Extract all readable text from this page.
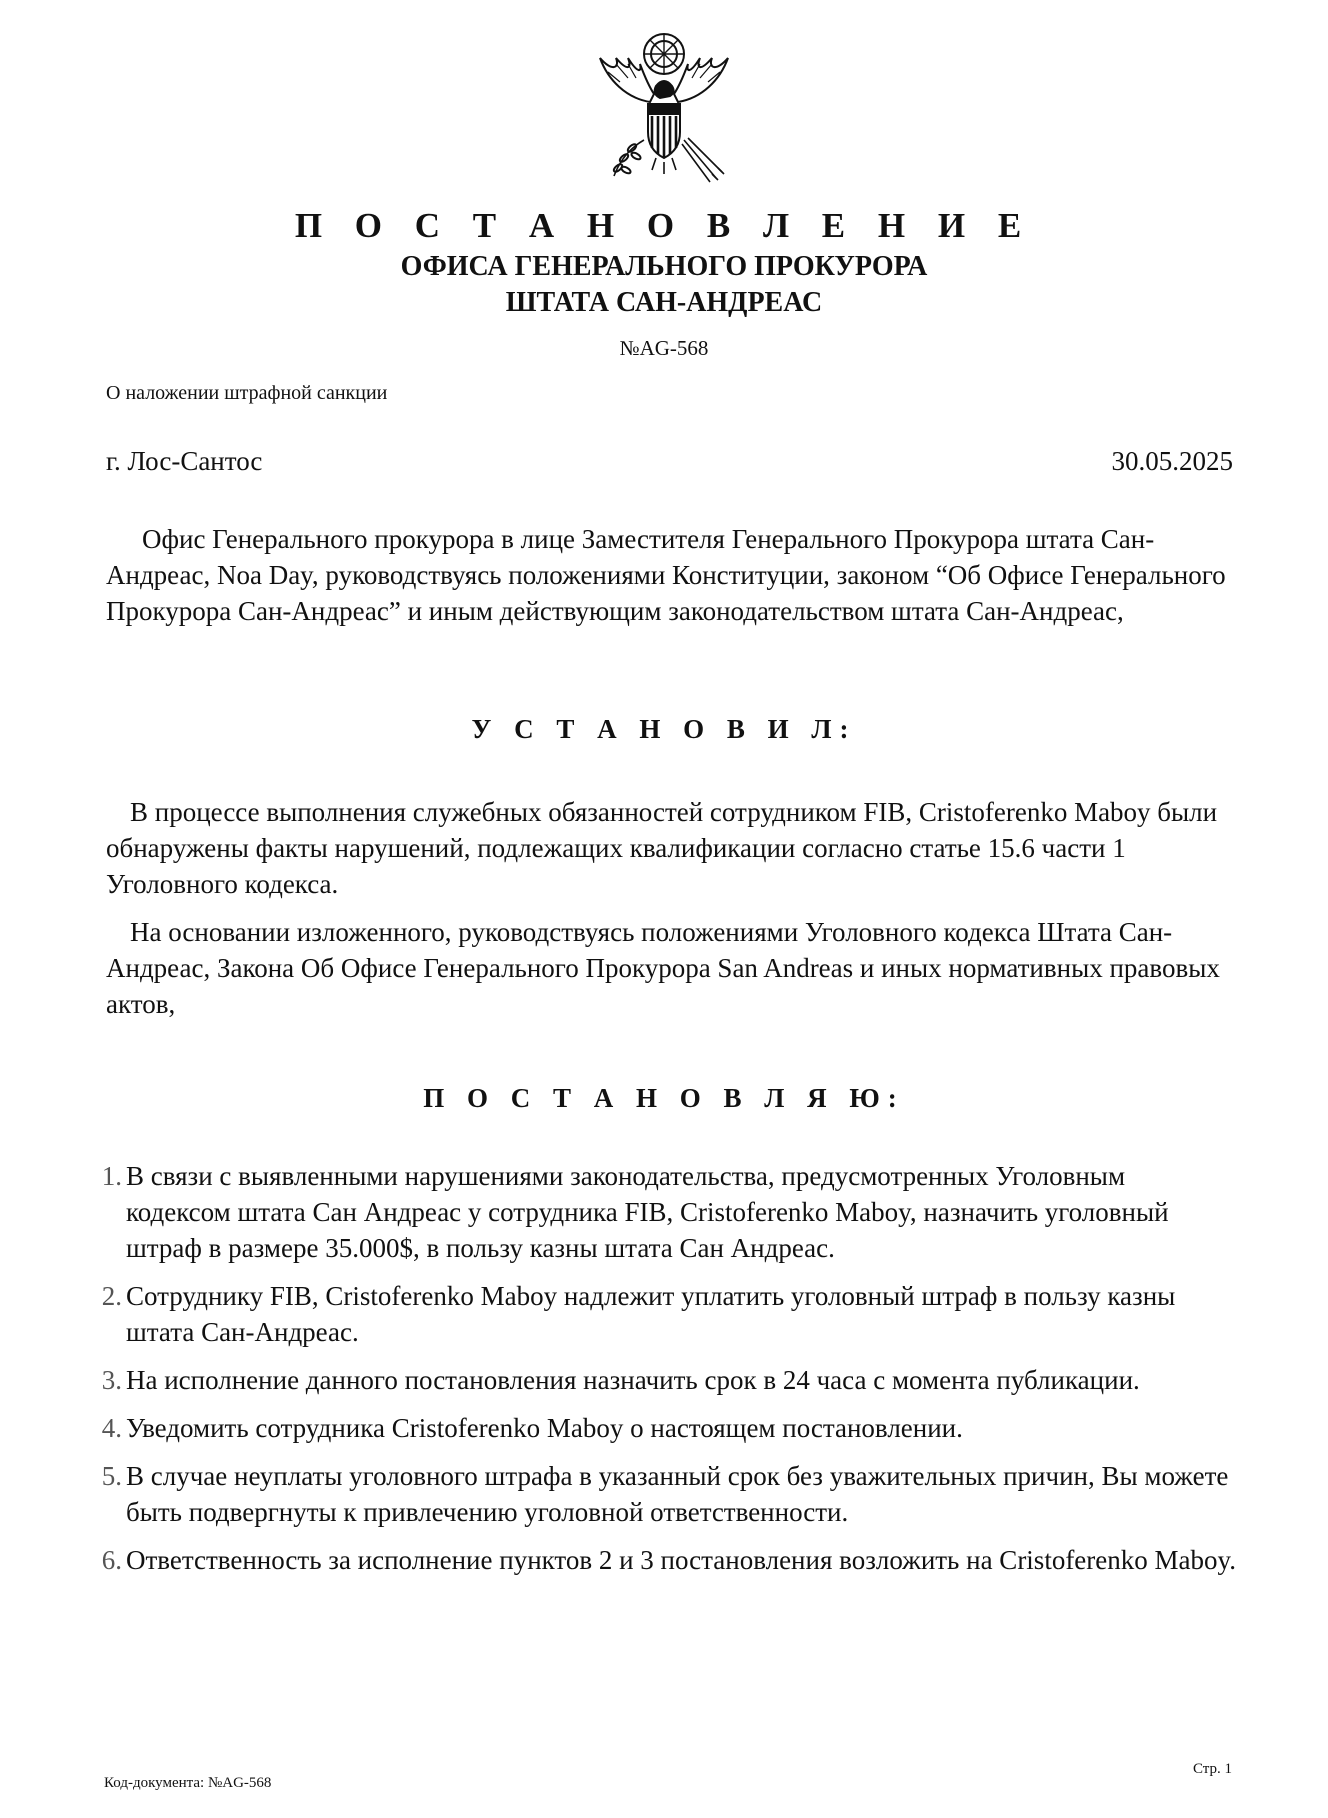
П О С Т А Н О В Л Е Н И Е
ОФИСА ГЕНЕРАЛЬНОГО ПРОКУРОРА
ШТАТА САН-АНДРЕАС
№AG-568
О наложении штрафной санкции
г. Лос-Сантос	30.05.2025

Офис Генерального прокурора в лице Заместителя Генерального Прокурора штата Сан-Андреас, Noa Day, руководствуясь положениями Конституции, законом “Об Офисе Генерального Прокурора Сан-Андреас” и иным действующим законодательством штата Сан-Андреас,

У С Т А Н О В И Л:

В процессе выполнения служебных обязанностей сотрудником FIB, Cristoferenko Maboy были обнаружены факты нарушений, подлежащих квалификации согласно статье 15.6 части 1 Уголовного кодекса.

На основании изложенного, руководствуясь положениями Уголовного кодекса Штата Сан-Андреас, Закона Об Офисе Генерального Прокурора San Andreas и иных нормативных правовых актов,

П О С Т А Н О В Л Я Ю:
1. В связи с выявленными нарушениями законодательства, предусмотренных Уголовным кодексом штата Сан Андреас у сотрудника FIB, Cristoferenko Maboy, назначить уголовный штраф в размере 35.000$, в пользу казны штата Сан Андреас.
2. Сотруднику FIB, Cristoferenko Maboy надлежит уплатить уголовный штраф в пользу казны штата Сан-Андреас.
3. На исполнение данного постановления назначить срок в 24 часа с момента публикации.
4. Уведомить сотрудника Cristoferenko Maboy о настоящем постановлении.
5. В случае неуплаты уголовного штрафа в указанный срок без уважительных причин, Вы можете быть подвергнуты к привлечению уголовной ответственности.
6. Ответственность за исполнение пунктов 2 и 3 постановления возложить на Cristoferenko Maboy.
Код-документа: №AG-568
Стр. 1
